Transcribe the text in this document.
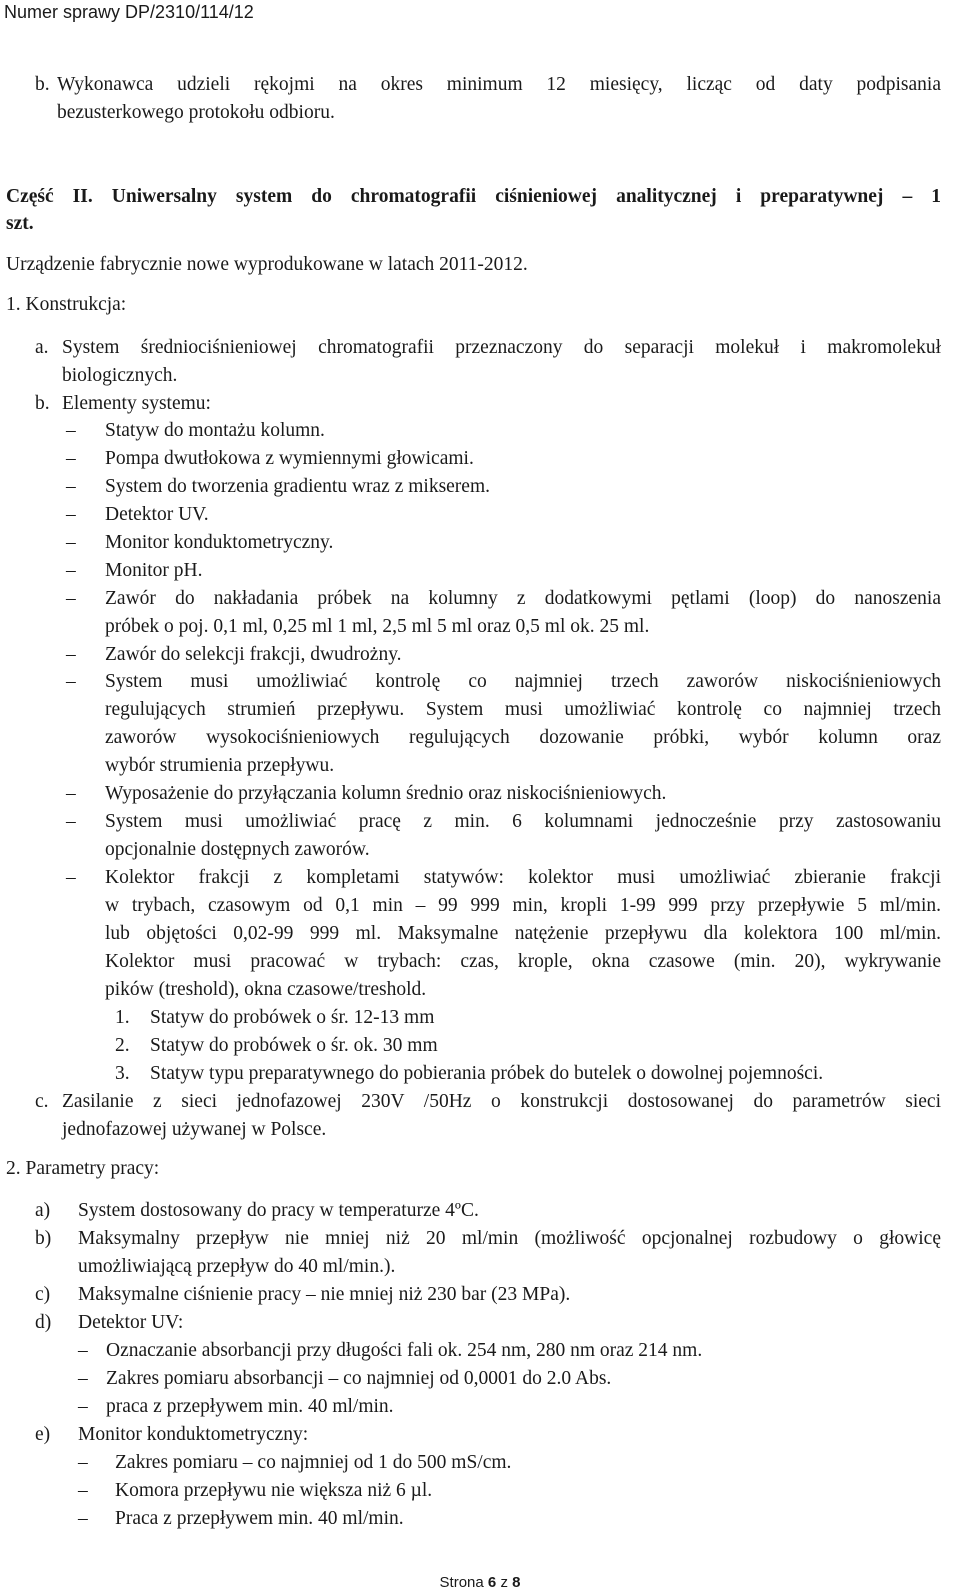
Numer sprawy DP/2310/114/12
b. Wykonawca udzieli rękojmi na okres minimum 12 miesięcy, licząc od daty podpisania
bezusterkowego protokołu odbioru.
Część II. Uniwersalny system do chromatografii ciśnieniowej analitycznej i preparatywnej – 1
szt.
Urządzenie fabrycznie nowe wyprodukowane w latach 2011-2012.
1. Konstrukcja:
a. System średniociśnieniowej chromatografii przeznaczony do separacji molekuł i makromolekuł
biologicznych.
b. Elementy systemu:
– Statyw do montażu kolumn.
– Pompa dwutłokowa z wymiennymi głowicami.
– System do tworzenia gradientu wraz z mikserem.
– Detektor UV.
– Monitor konduktometryczny.
– Monitor pH.
– Zawór do nakładania próbek na kolumny z dodatkowymi pętlami (loop) do nanoszenia
próbek o poj. 0,1 ml, 0,25 ml 1 ml, 2,5 ml 5 ml oraz 0,5 ml ok. 25 ml.
– Zawór do selekcji frakcji, dwudrożny.
– System musi umożliwiać kontrolę co najmniej trzech zaworów niskociśnieniowych
regulujących strumień przepływu. System musi umożliwiać kontrolę co najmniej trzech
zaworów wysokociśnieniowych regulujących dozowanie próbki, wybór kolumn oraz
wybór strumienia przepływu.
– Wyposażenie do przyłączania kolumn średnio oraz niskociśnieniowych.
– System musi umożliwiać pracę z min. 6 kolumnami jednocześnie przy zastosowaniu
opcjonalnie dostępnych zaworów.
– Kolektor frakcji z kompletami statywów: kolektor musi umożliwiać zbieranie frakcji
w trybach, czasowym od 0,1 min – 99 999 min, kropli 1-99 999 przy przepływie 5 ml/min.
lub objętości 0,02-99 999 ml. Maksymalne natężenie przepływu dla kolektora 100 ml/min.
Kolektor musi pracować w trybach: czas, krople, okna czasowe (min. 20), wykrywanie
pików (treshold), okna czasowe/treshold.
1. Statyw do probówek o śr. 12-13 mm
2. Statyw do probówek o śr. ok. 30 mm
3. Statyw typu preparatywnego do pobierania próbek do butelek o dowolnej pojemności.
c. Zasilanie z sieci jednofazowej 230V /50Hz o konstrukcji dostosowanej do parametrów sieci
jednofazowej używanej w Polsce.
2. Parametry pracy:
a) System dostosowany do pracy w temperaturze 4ºC.
b) Maksymalny przepływ nie mniej niż 20 ml/min (możliwość opcjonalnej rozbudowy o głowicę
umożliwiającą przepływ do 40 ml/min.).
c) Maksymalne ciśnienie pracy – nie mniej niż 230 bar (23 MPa).
d) Detektor UV:
– Oznaczanie absorbancji przy długości fali ok. 254 nm, 280 nm oraz 214 nm.
– Zakres pomiaru absorbancji – co najmniej od 0,0001 do 2.0 Abs.
– praca z przepływem min. 40 ml/min.
e) Monitor konduktometryczny:
– Zakres pomiaru – co najmniej od 1 do 500 mS/cm.
– Komora przepływu nie większa niż 6 µl.
– Praca z przepływem min. 40 ml/min.
Strona 6 z 8
